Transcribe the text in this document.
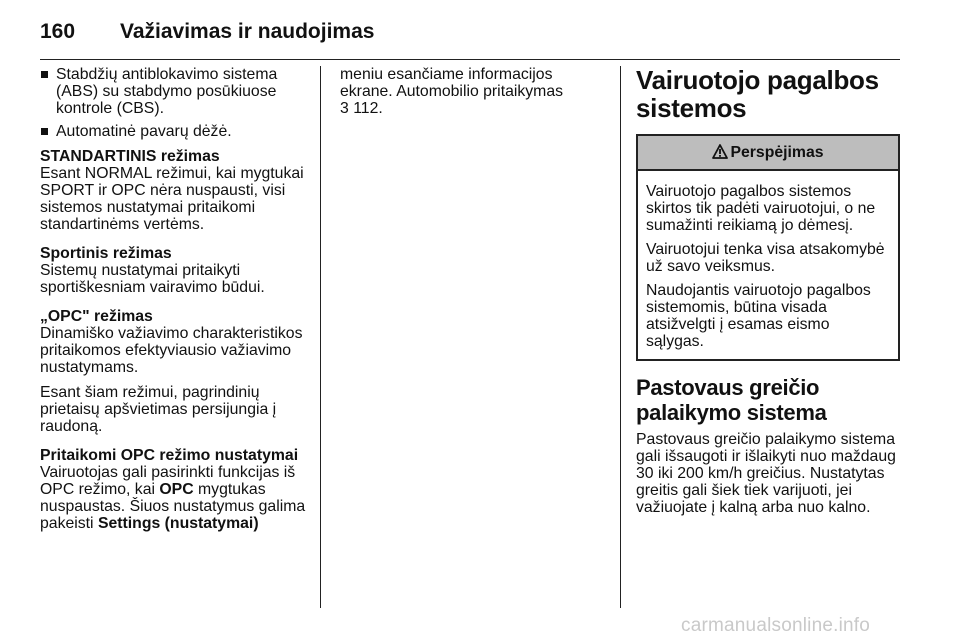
160 Važiavimas ir naudojimas
Stabdžių antiblokavimo sistema (ABS) su stabdymo posūkiuose kontrole (CBS).
Automatinė pavarų dėžė.

STANDARTINIS režimas

Esant NORMAL režimui, kai mygtukai SPORT ir OPC nėra nuspausti, visi sistemos nustatymai pritaikomi standartinėms vertėms.

Sportinis režimas

Sistemų nustatymai pritaikyti sportiškesniam vairavimo būdui.

„OPC" režimas

Dinamiško važiavimo charakteristikos pritaikomos efektyviausio važiavimo nustatymams.

Esant šiam režimui, pagrindinių prietaisų apšvietimas persijungia į raudoną.

Pritaikomi OPC režimo nustatymai

Vairuotojas gali pasirinkti funkcijas iš OPC režimo, kai OPC mygtukas nuspaustas. Šiuos nustatymus galima pakeisti Settings (nustatymai)

meniu esančiame informacijos ekrane. Automobilio pritaikymas
3 112.

Vairuotojo pagalbos sistemos
Perspėjimas

Vairuotojo pagalbos sistemos skirtos tik padėti vairuotojui, o ne sumažinti reikiamą jo dėmesį.

Vairuotojui tenka visa atsakomybė už savo veiksmus.

Naudojantis vairuotojo pagalbos sistemomis, būtina visada atsižvelgti į esamas eismo sąlygas.

Pastovaus greičio palaikymo sistema

Pastovaus greičio palaikymo sistema gali išsaugoti ir išlaikyti nuo maždaug 30 iki 200 km/h greičius. Nustatytas greitis gali šiek tiek varijuoti, jei važiuojate į kalną arba nuo kalno.

carmanualsonline.info
